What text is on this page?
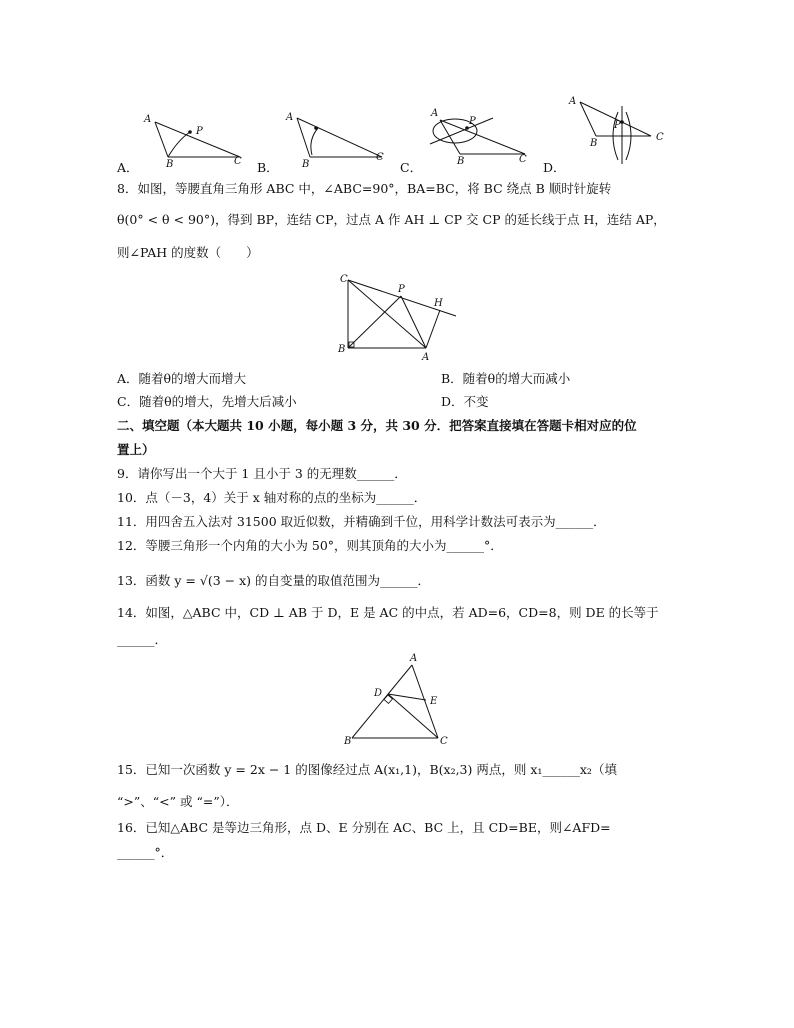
A
B	C
P
A．
A
B
C
B．
A
B	C
P
C．
A
B
C
P
D．
8．如图，等腰直角三角形 ABC 中，∠ABC=90°，BA=BC，将 BC 绕点 B 顺时针旋转
θ(0° < θ < 90°)，得到 BP，连结 CP，过点 A 作 AH ⊥ CP 交 CP 的延长线于点 H，连结 AP，
则∠PAH 的度数（　　）
C
P
H
B
A
A．随着θ的增大而增大	B．随着θ的增大而减小
C．随着θ的增大，先增大后减小	D．不变
二、填空题（本大题共 10 小题，每小题 3 分，共 30 分．把答案直接填在答题卡相对应的位
置上）
9．请你写出一个大于 1 且小于 3 的无理数______．
10．点（－3，4）关于 x 轴对称的点的坐标为______．
11．用四舍五入法对 31500 取近似数，并精确到千位，用科学计数法可表示为______．
12．等腰三角形一个内角的大小为 50°，则其顶角的大小为______°．
13．函数 y = √(3 − x) 的自变量的取值范围为______．
14．如图，△ABC 中，CD ⊥ AB 于 D，E 是 AC 的中点，若 AD=6，CD=8，则 DE 的长等于
______．
A
D
E
B	C
15．已知一次函数 y = 2x − 1 的图像经过点 A(x₁,1)，B(x₂,3) 两点，则 x₁______x₂（填
“>”、“<” 或 “=”）．
16．已知△ABC 是等边三角形，点 D、E 分别在 AC、BC 上，且 CD=BE，则∠AFD=
______°．
